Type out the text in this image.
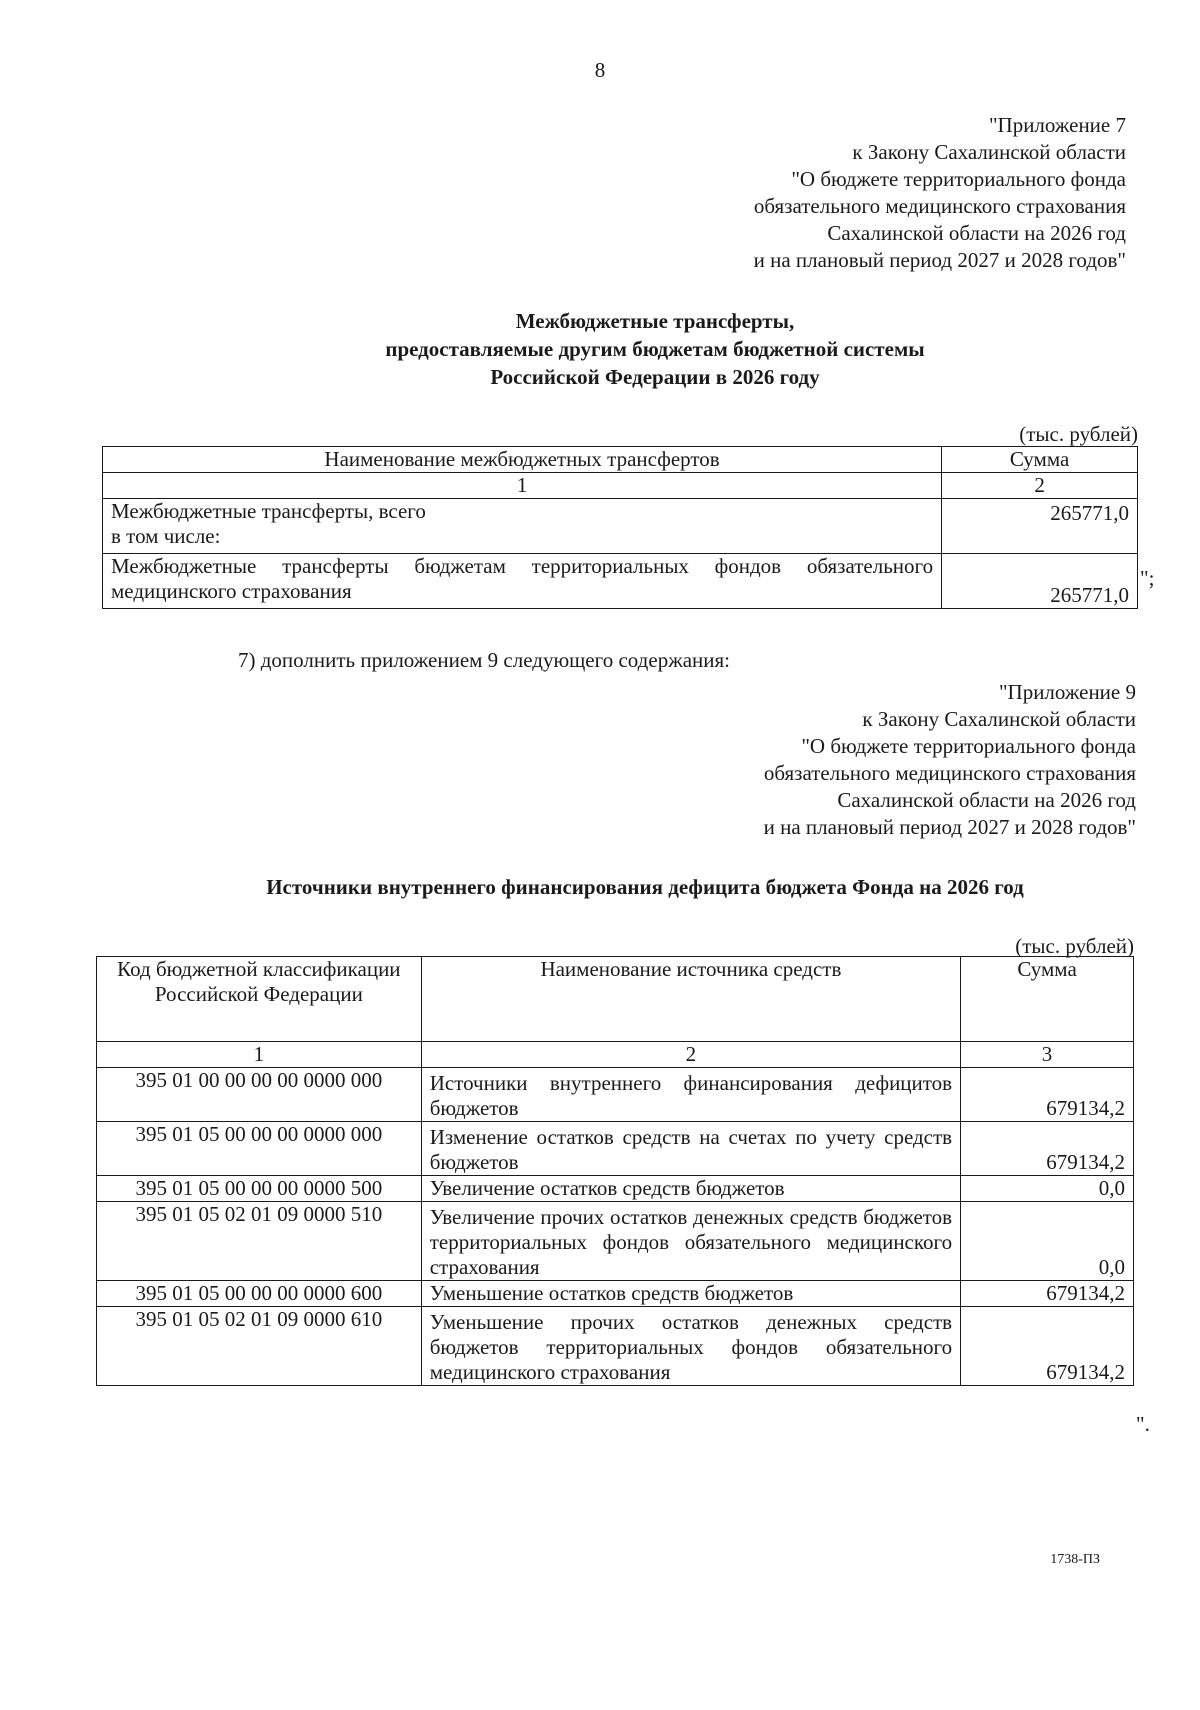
8
"Приложение 7
к Закону Сахалинской области
"О бюджете территориального фонда
обязательного медицинского страхования
Сахалинской области на 2026 год
и на плановый период 2027 и 2028 годов"
Межбюджетные трансферты,
предоставляемые другим бюджетам бюджетной системы
Российской Федерации в 2026 году
(тыс. рублей)
Наименование межбюджетных трансфертов	Сумма
1	2

Межбюджетные трансферты, всего
в том числе:	265771,0
Межбюджетные трансферты бюджетам территориальных фондов обязательного медицинского страхования	265771,0
";
7) дополнить приложением 9 следующего содержания:
"Приложение 9
к Закону Сахалинской области
"О бюджете территориального фонда
обязательного медицинского страхования
Сахалинской области на 2026 год
и на плановый период 2027 и 2028 годов"
Источники внутреннего финансирования дефицита бюджета Фонда на 2026 год
(тыс. рублей)
Код бюджетной классификации Российской Федерации	Наименование источника средств	Сумма
1	2	3
395 01 00 00 00 00 0000 000	Источники внутреннего финансирования дефицитов бюджетов	679134,2
395 01 05 00 00 00 0000 000	Изменение остатков средств на счетах по учету средств бюджетов	679134,2
395 01 05 00 00 00 0000 500	Увеличение остатков средств бюджетов	0,0
395 01 05 02 01 09 0000 510	Увеличение прочих остатков денежных средств бюджетов территориальных фондов обязательного медицинского страхования	0,0
395 01 05 00 00 00 0000 600	Уменьшение остатков средств бюджетов	679134,2
395 01 05 02 01 09 0000 610	Уменьшение прочих остатков денежных средств бюджетов территориальных фондов обязательного медицинского страхования	679134,2
".
1738-ПЗ
